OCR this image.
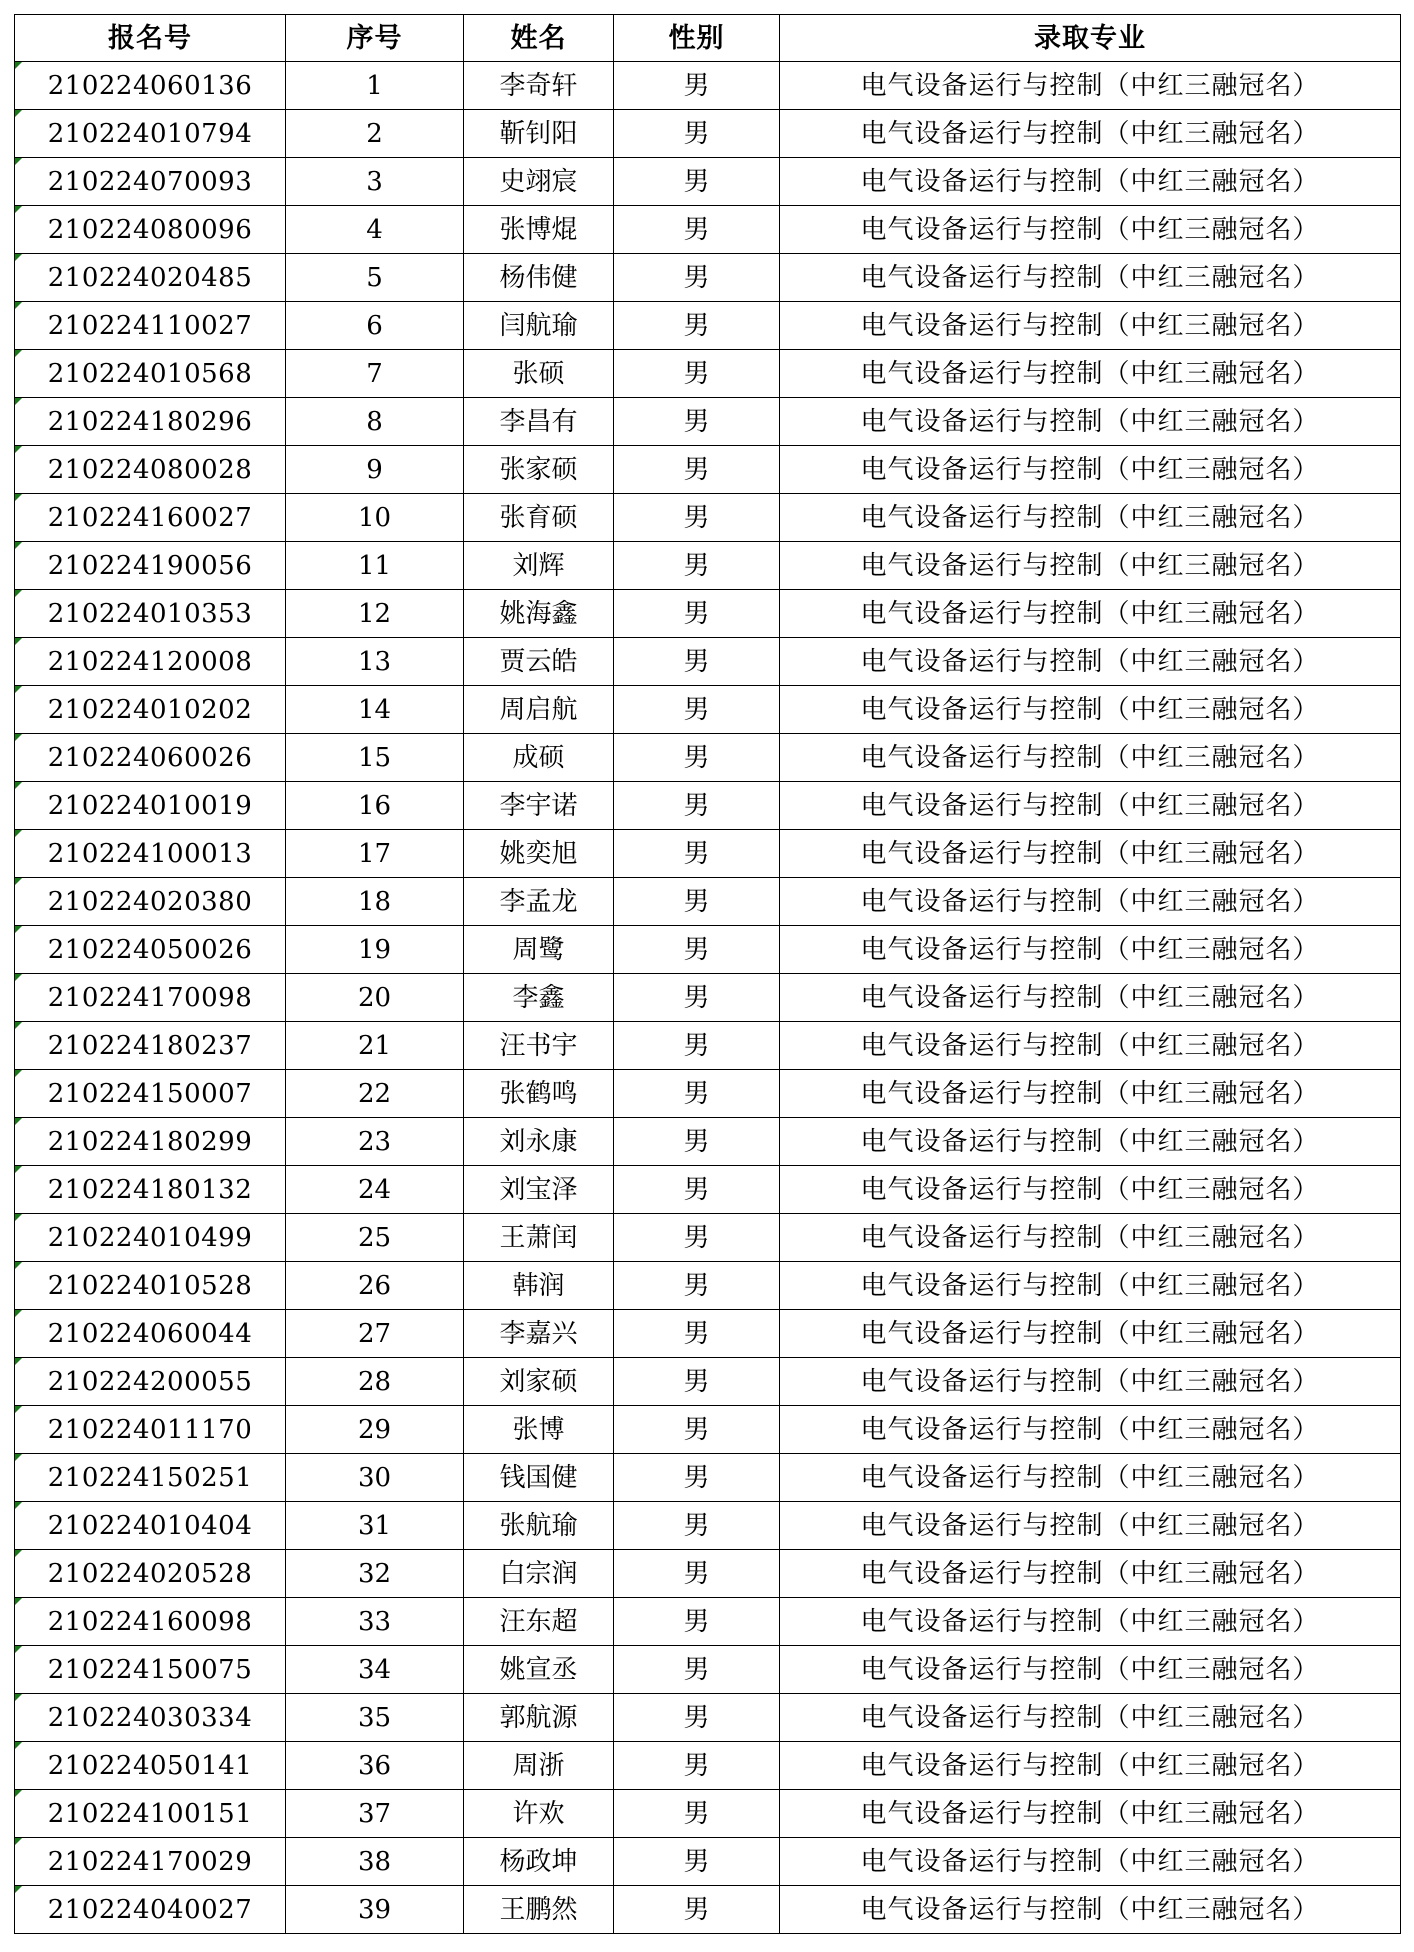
报名号	序号	姓名	性别	录取专业
210224060136	1	李奇轩	男	电气设备运行与控制（中红三融冠名）
210224010794	2	靳钊阳	男	电气设备运行与控制（中红三融冠名）
210224070093	3	史翊宸	男	电气设备运行与控制（中红三融冠名）
210224080096	4	张博焜	男	电气设备运行与控制（中红三融冠名）
210224020485	5	杨伟健	男	电气设备运行与控制（中红三融冠名）
210224110027	6	闫航瑜	男	电气设备运行与控制（中红三融冠名）
210224010568	7	张硕	男	电气设备运行与控制（中红三融冠名）
210224180296	8	李昌有	男	电气设备运行与控制（中红三融冠名）
210224080028	9	张家硕	男	电气设备运行与控制（中红三融冠名）
210224160027	10	张育硕	男	电气设备运行与控制（中红三融冠名）
210224190056	11	刘辉	男	电气设备运行与控制（中红三融冠名）
210224010353	12	姚海鑫	男	电气设备运行与控制（中红三融冠名）
210224120008	13	贾云皓	男	电气设备运行与控制（中红三融冠名）
210224010202	14	周启航	男	电气设备运行与控制（中红三融冠名）
210224060026	15	成硕	男	电气设备运行与控制（中红三融冠名）
210224010019	16	李宇诺	男	电气设备运行与控制（中红三融冠名）
210224100013	17	姚奕旭	男	电气设备运行与控制（中红三融冠名）
210224020380	18	李孟龙	男	电气设备运行与控制（中红三融冠名）
210224050026	19	周鹭	男	电气设备运行与控制（中红三融冠名）
210224170098	20	李鑫	男	电气设备运行与控制（中红三融冠名）
210224180237	21	汪书宇	男	电气设备运行与控制（中红三融冠名）
210224150007	22	张鹤鸣	男	电气设备运行与控制（中红三融冠名）
210224180299	23	刘永康	男	电气设备运行与控制（中红三融冠名）
210224180132	24	刘宝泽	男	电气设备运行与控制（中红三融冠名）
210224010499	25	王萧闰	男	电气设备运行与控制（中红三融冠名）
210224010528	26	韩润	男	电气设备运行与控制（中红三融冠名）
210224060044	27	李嘉兴	男	电气设备运行与控制（中红三融冠名）
210224200055	28	刘家硕	男	电气设备运行与控制（中红三融冠名）
210224011170	29	张博	男	电气设备运行与控制（中红三融冠名）
210224150251	30	钱国健	男	电气设备运行与控制（中红三融冠名）
210224010404	31	张航瑜	男	电气设备运行与控制（中红三融冠名）
210224020528	32	白宗润	男	电气设备运行与控制（中红三融冠名）
210224160098	33	汪东超	男	电气设备运行与控制（中红三融冠名）
210224150075	34	姚宣丞	男	电气设备运行与控制（中红三融冠名）
210224030334	35	郭航源	男	电气设备运行与控制（中红三融冠名）
210224050141	36	周浙	男	电气设备运行与控制（中红三融冠名）
210224100151	37	许欢	男	电气设备运行与控制（中红三融冠名）
210224170029	38	杨政坤	男	电气设备运行与控制（中红三融冠名）
210224040027	39	王鹏然	男	电气设备运行与控制（中红三融冠名）
